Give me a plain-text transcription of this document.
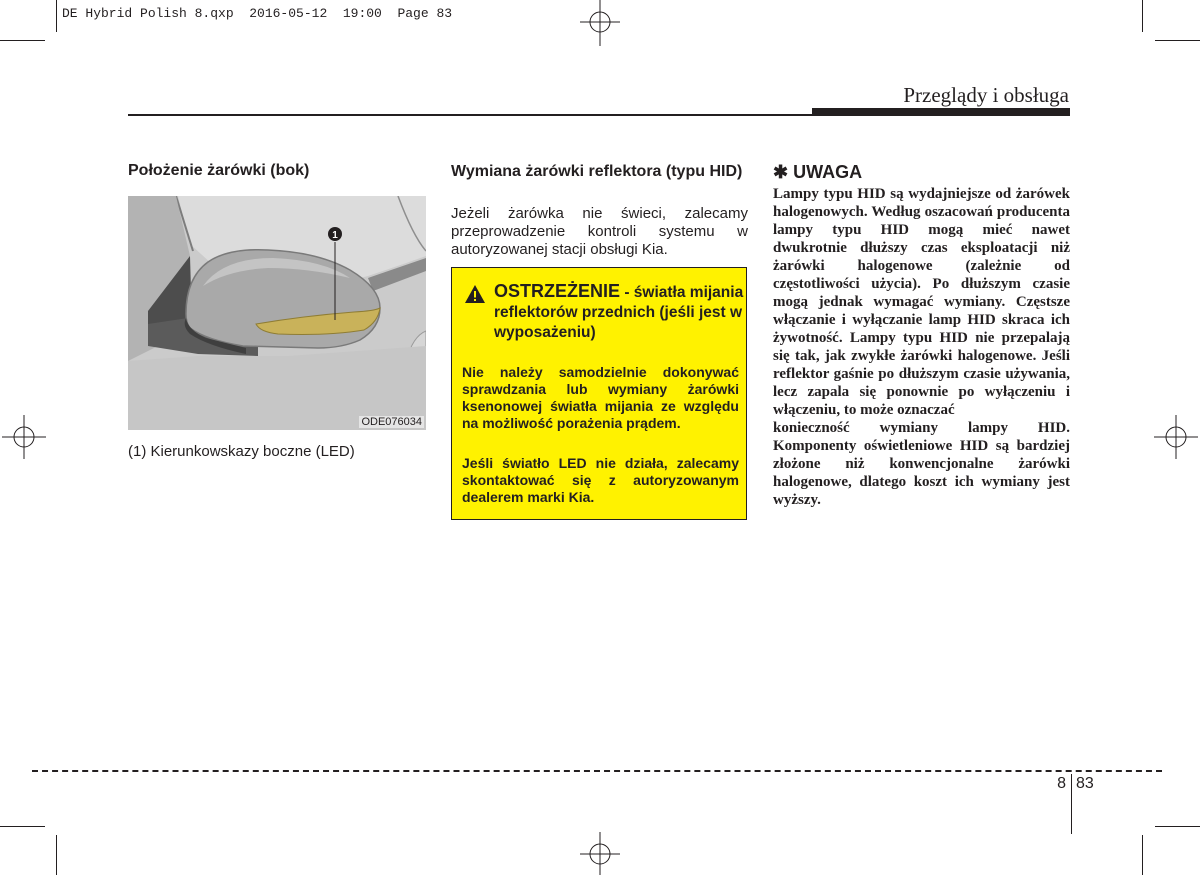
DE Hybrid Polish 8.qxp  2016-05-12  19:00  Page 83
Przeglądy i obsługa
Położenie żarówki (bok)
1
ODE076034
(1) Kierunkowskazy boczne (LED)
Wymiana żarówki reflektora (typu HID)
Jeżeli żarówka nie świeci, zalecamy przeprowadzenie kontroli systemu w autoryzowanej stacji obsługi Kia.
OSTRZEŻENIE - światła mijania reflektorów przednich (jeśli jest w wyposażeniu)
Nie należy samodzielnie dokonywać sprawdzania lub wymiany żarówki ksenonowej światła mijania ze względu na możliwość porażenia prądem.
Jeśli światło LED nie działa, zalecamy skontaktować się z autoryzowanym dealerem marki Kia.
✱ UWAGA

Lampy typu HID są wydajniejsze od żarówek halogenowych. Według oszacowań producenta lampy typu HID mogą mieć nawet dwukrotnie dłuższy czas eksploatacji niż żarówki halogenowe (zależnie od częstotliwości użycia). Po dłuższym czasie mogą jednak wymagać wymiany. Częstsze włączanie i wyłączanie lamp HID skraca ich żywotność. Lampy typu HID nie przepalają się tak, jak zwykłe żarówki halogenowe. Jeśli reflektor gaśnie po dłuższym czasie używania, lecz zapala się ponownie po wyłączeniu i włączeniu, to może oznaczać

konieczność wymiany lampy HID. Komponenty oświetleniowe HID są bardziej złożone niż konwencjonalne żarówki halogenowe, dlatego koszt ich wymiany jest wyższy.

8 83
